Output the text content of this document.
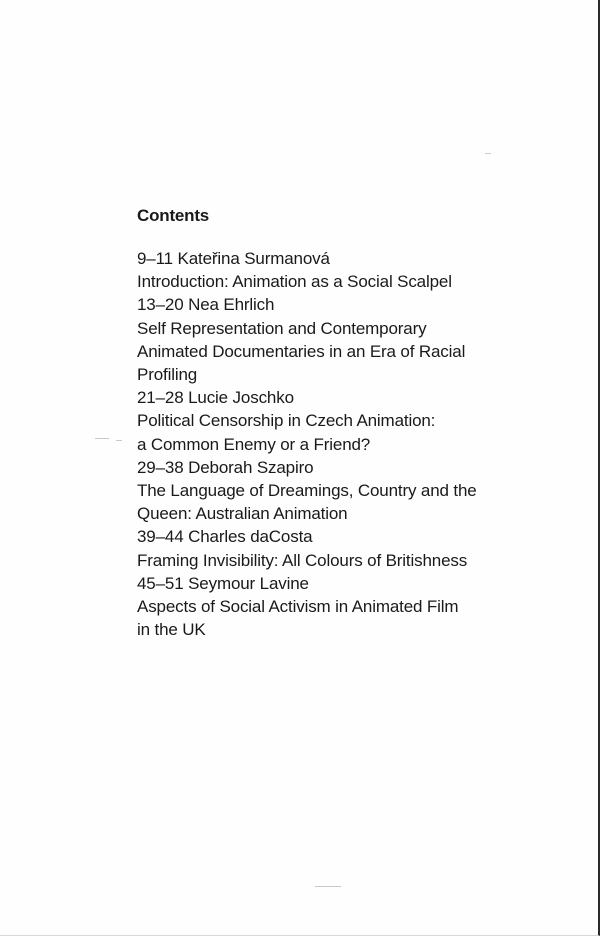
Contents
9–11 Kateřina Surmanová
Introduction: Animation as a Social Scalpel
13–20 Nea Ehrlich
Self Representation and Contemporary
Animated Documentaries in an Era of Racial
Profiling
21–28 Lucie Joschko
Political Censorship in Czech Animation:
a Common Enemy or a Friend?
29–38 Deborah Szapiro
The Language of Dreamings, Country and the
Queen: Australian Animation
39–44 Charles daCosta
Framing Invisibility: All Colours of Britishness
45–51 Seymour Lavine
Aspects of Social Activism in Animated Film
in the UK
